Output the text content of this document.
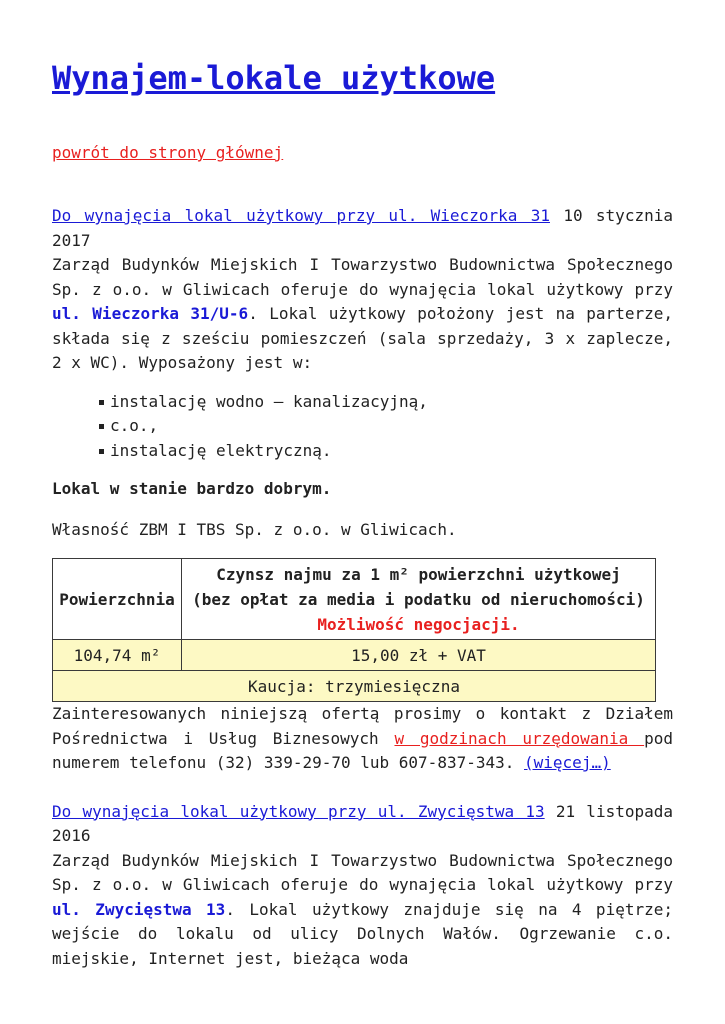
Wynajem-lokale użytkowe
powrót do strony głównej

Do wynajęcia lokal użytkowy przy ul. Wieczorka 31 10 stycznia 2017
Zarząd Budynków Miejskich I Towarzystwo Budownictwa Społecznego Sp. z o.o. w Gliwicach oferuje do wynajęcia lokal użytkowy przy ul. Wieczorka 31/U-6. Lokal użytkowy położony jest na parterze, składa się z sześciu pomieszczeń (sala sprzedaży, 3 x zaplecze, 2 x WC). Wyposażony jest w:

instalację wodno – kanalizacyjną,
c.o.,
instalację elektryczną.

Lokal w stanie bardzo dobrym.

Własność ZBM I TBS Sp. z o.o. w Gliwicach.

Powierzchnia	Czynsz najmu za 1 m² powierzchni użytkowej
(bez opłat za media i podatku od nieruchomości)
Możliwość negocjacji.

104,74 m²	15,00 zł + VAT
Kaucja: trzymiesięczna	

Zainteresowanych niniejszą ofertą prosimy o kontakt z Działem Pośrednictwa i Usług Biznesowych w godzinach urzędowania pod numerem telefonu (32) 339-29-70 lub 607-837-343. (więcej…)

Do wynajęcia lokal użytkowy przy ul. Zwycięstwa 13 21 listopada 2016
Zarząd Budynków Miejskich I Towarzystwo Budownictwa Społecznego Sp. z o.o. w Gliwicach oferuje do wynajęcia lokal użytkowy przy ul. Zwycięstwa 13. Lokal użytkowy znajduje się na 4 piętrze; wejście do lokalu od ulicy Dolnych Wałów. Ogrzewanie c.o. miejskie, Internet jest, bieżąca woda
